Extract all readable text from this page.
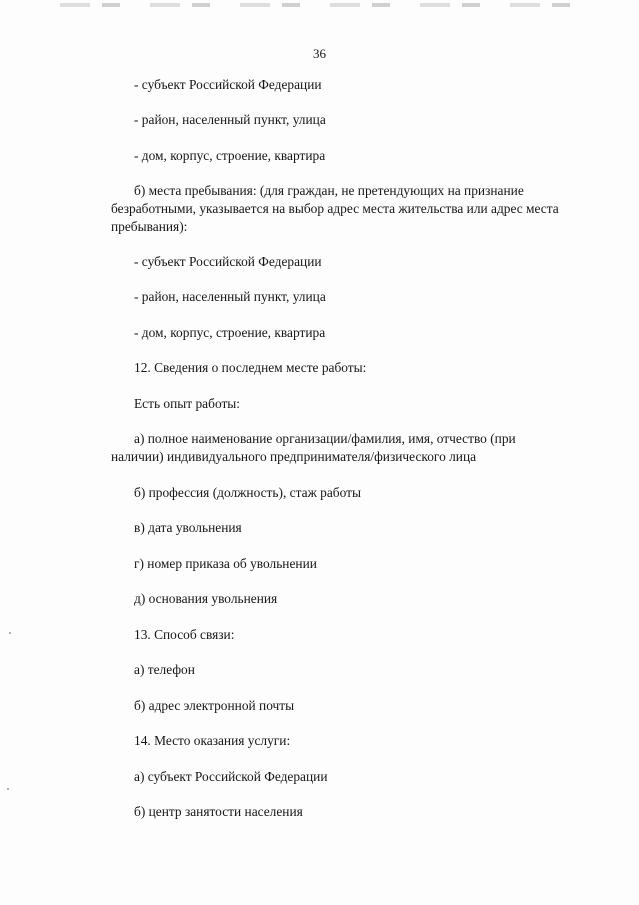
36
- субъект Российской Федерации
- район, населенный пункт, улица
- дом, корпус, строение, квартира
б) места пребывания: (для граждан, не претендующих на признание
безработными, указывается на выбор адрес места жительства или адрес места
пребывания):
- субъект Российской Федерации
- район, населенный пункт, улица
- дом, корпус, строение, квартира
12. Сведения о последнем месте работы:
Есть опыт работы:
а) полное наименование организации/фамилия, имя, отчество (при
наличии) индивидуального предпринимателя/физического лица
б) профессия (должность), стаж работы
в) дата увольнения
г) номер приказа об увольнении
д) основания увольнения
13. Способ связи:
а) телефон
б) адрес электронной почты
14. Место оказания услуги:
а) субъект Российской Федерации
б) центр занятости населения
